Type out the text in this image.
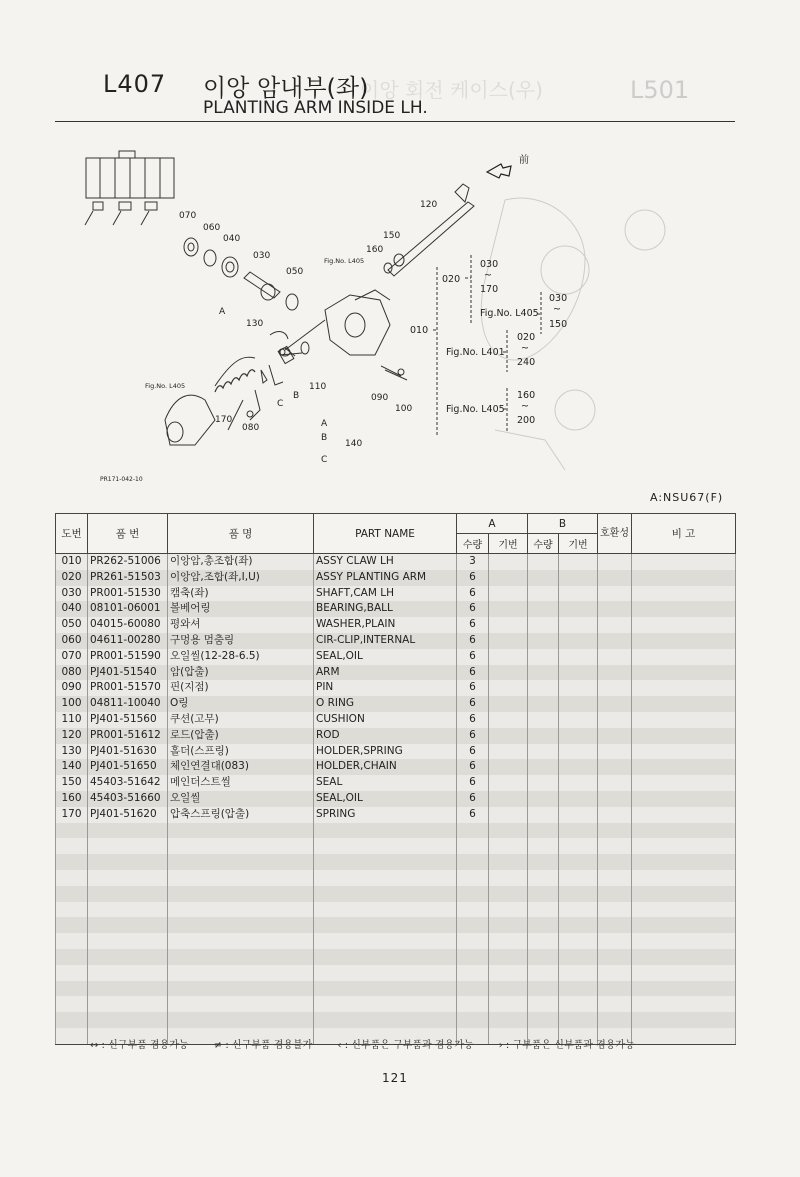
L501
이앙 회전 케이스(우)
L407 이앙 암내부(좌)
PLANTING ARM INSIDE LH.
前
070
060
040
030
050
A
130
B
C
110
170
080
120
150
160
090
100
140
Fig.No. L405
Fig.No. L405
A
B
C
PR171-042-10
010
020
030
~
170
Fig.No. L405
030
~
150
Fig.No. L401
020
~
240
Fig.No. L405
160
~
200
A:NSU67(F)
도번	품 번	품 명	PART NAME	A		B		호환성	비 고
				수량	기번	수량	기번		
010	PR262-51006	이앙암,총조합(좌)	ASSY CLAW LH	3					
020	PR261-51503	이앙암,조합(좌,I,U)	ASSY PLANTING ARM	6					
030	PR001-51530	캠축(좌)	SHAFT,CAM LH	6					
040	08101-06001	볼베어링	BEARING,BALL	6					
050	04015-60080	평와셔	WASHER,PLAIN	6					
060	04611-00280	구멍용 멈춤링	CIR-CLIP,INTERNAL	6					
070	PR001-51590	오일씰(12-28-6.5)	SEAL,OIL	6					
080	PJ401-51540	암(압출)	ARM	6					
090	PR001-51570	핀(지점)	PIN	6					
100	04811-10040	O링	O RING	6					
110	PJ401-51560	쿠션(고무)	CUSHION	6					
120	PR001-51612	로드(압출)	ROD	6					
130	PJ401-51630	홀더(스프링)	HOLDER,SPRING	6					
140	PJ401-51650	체인연결대(083)	HOLDER,CHAIN	6					
150	45403-51642	메인더스트씰	SEAL	6					
160	45403-51660	오일씰	SEAL,OIL	6					
170	PJ401-51620	압축스프링(압출)	SPRING	6					

↔ : 신구부품 겸용가능	≠ : 신구부품 겸용불가	‹ : 신부품은 구부품과 겸용가능	› : 구부품은 신부품과 겸용가능
121
